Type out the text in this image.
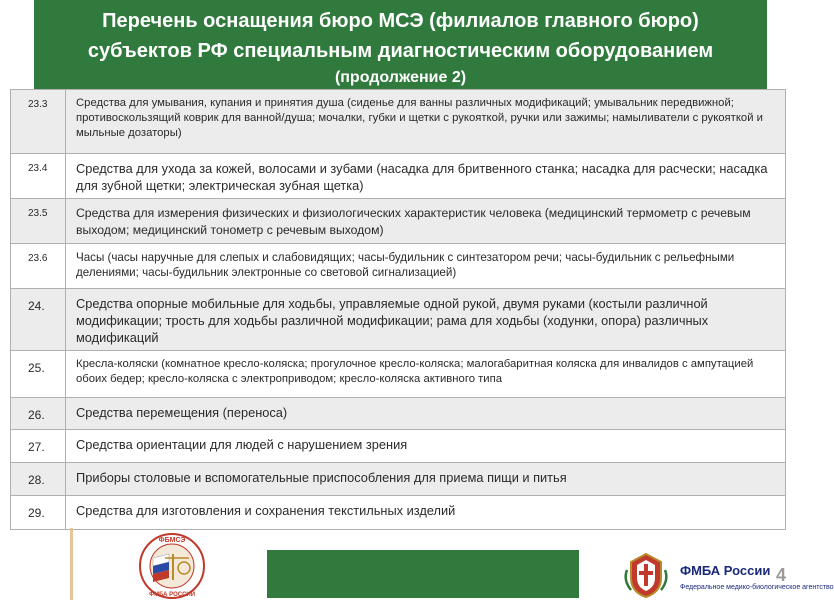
Перечень оснащения бюро МСЭ (филиалов главного бюро)
субъектов РФ специальным диагностическим оборудованием
(продолжение 2)
23.3	Средства для умывания, купания и принятия душа (сиденье для ванны различных модификаций; умывальник передвижной; противоскользящий коврик для ванной/душа; мочалки, губки и щетки с рукояткой, ручки или зажимы; намыливатели с рукояткой и мыльные дозаторы)
23.4	Средства для ухода за кожей, волосами и зубами (насадка для бритвенного станка; насадка для расчески; насадка для зубной щетки; электрическая зубная щетка)
23.5	Средства для измерения физических и физиологических характеристик человека (медицинский термометр с речевым выходом; медицинский тонометр с речевым выходом)
23.6	Часы (часы наручные для слепых и слабовидящих; часы-будильник с синтезатором речи; часы-будильник с рельефными делениями; часы-будильник электронные со световой сигнализацией)
24.	Средства опорные мобильные для ходьбы, управляемые одной рукой, двумя руками (костыли различной модификации; трость для ходьбы различной модификации; рама для ходьбы (ходунки, опора) различных модификаций
25.	Кресла-коляски (комнатное кресло-коляска; прогулочное кресло-коляска; малогабаритная коляска для инвалидов с ампутацией обоих бедер; кресло-коляска с электроприводом; кресло-коляска активного типа
26.	Средства перемещения (переноса)
27.	Средства ориентации для людей с нарушением зрения
28.	Приборы столовые и вспомогательные приспособления для приема пищи и питья
29.	Средства для изготовления и сохранения текстильных изделий
ФБМСЭ
ФМБА РОССИИ
ФМБА России
Федеральное медико-биологическое агентство
4
